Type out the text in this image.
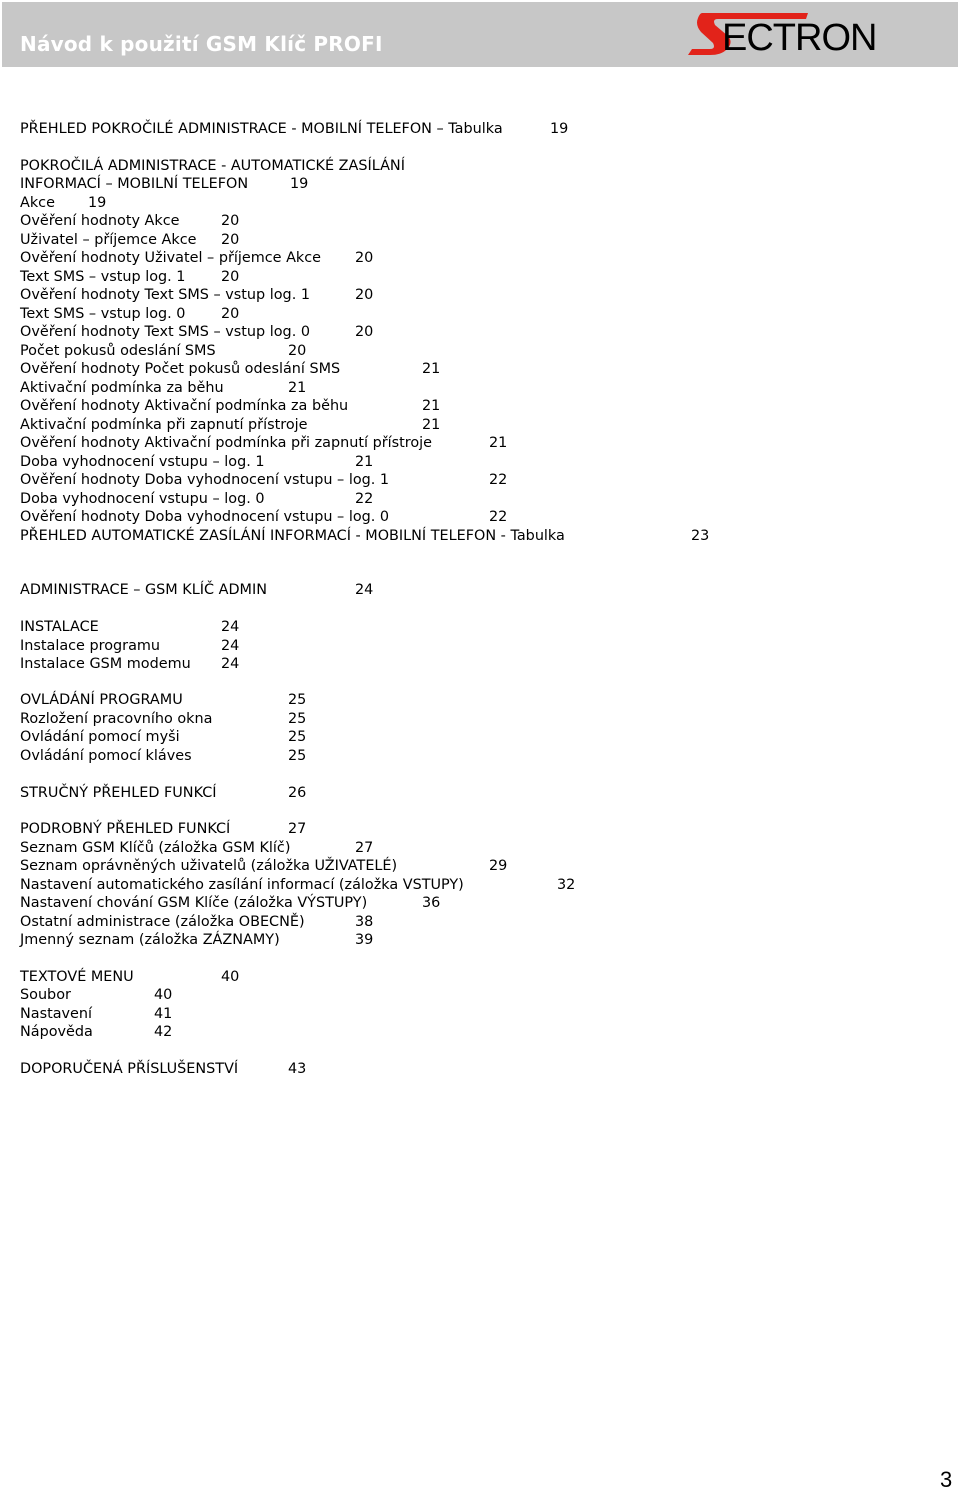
Návod k použití GSM Klíč PROFI	ECTRON
PŘEHLED POKROČILÉ ADMINISTRACE - MOBILNÍ TELEFON – Tabulka	19
POKROČILÁ ADMINISTRACE - AUTOMATICKÉ ZASÍLÁNÍ
INFORMACÍ – MOBILNÍ TELEFON	19
Akce 19
Ověření hodnoty Akce	20
Uživatel – příjemce Akce 20
Ověření hodnoty Uživatel – příjemce Akce 20
Text SMS – vstup log. 1 20
Ověření hodnoty Text SMS – vstup log. 1	20
Text SMS – vstup log. 0 20
Ověření hodnoty Text SMS – vstup log. 0	20
Počet pokusů odeslání SMS	20
Ověření hodnoty Počet pokusů odeslání SMS	21
Aktivační podmínka za běhu	21
Ověření hodnoty Aktivační podmínka za běhu	21
Aktivační podmínka při zapnutí přístroje	21
Ověření hodnoty Aktivační podmínka při zapnutí přístroje	21
Doba vyhodnocení vstupu – log. 1	21
Ověření hodnoty Doba vyhodnocení vstupu – log. 1	22
Doba vyhodnocení vstupu – log. 0	22
Ověření hodnoty Doba vyhodnocení vstupu – log. 0	22
PŘEHLED AUTOMATICKÉ ZASÍLÁNÍ INFORMACÍ - MOBILNÍ TELEFON - Tabulka	23
ADMINISTRACE – GSM KLÍČ ADMIN	24
INSTALACE	24
Instalace programu	24
Instalace GSM modemu 24
OVLÁDÁNÍ PROGRAMU	25
Rozložení pracovního okna	25
Ovládání pomocí myši	25
Ovládání pomocí kláves	25
STRUČNÝ PŘEHLED FUNKCÍ	26
PODROBNÝ PŘEHLED FUNKCÍ	27
Seznam GSM Klíčů (záložka GSM Klíč)	27
Seznam oprávněných uživatelů (záložka UŽIVATELÉ)	29
Nastavení automatického zasílání informací (záložka VSTUPY)	32
Nastavení chování GSM Klíče (záložka VÝSTUPY)	36
Ostatní administrace (záložka OBECNĚ)	38
Jmenný seznam (záložka ZÁZNAMY)	39
TEXTOVÉ MENU	40
Soubor	40
Nastavení	41
Nápověda	42
DOPORUČENÁ PŘÍSLUŠENSTVÍ	43
3
